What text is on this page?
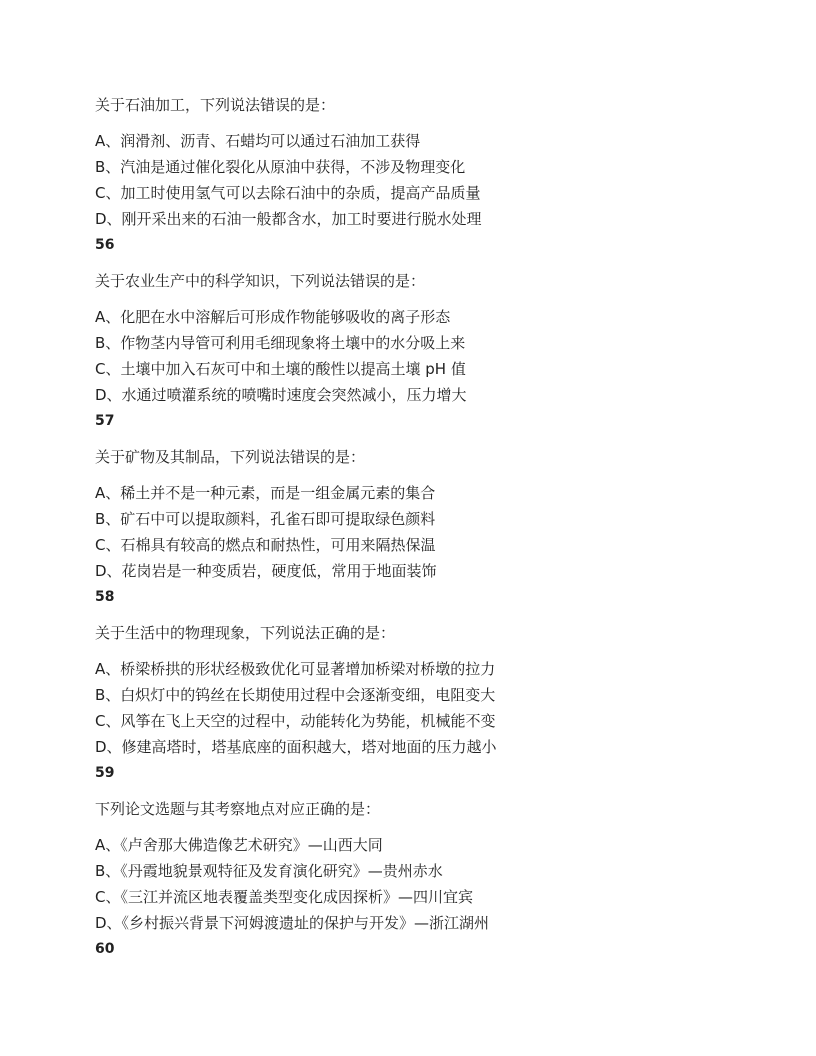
关于石油加工，下列说法错误的是：
A、润滑剂、沥青、石蜡均可以通过石油加工获得
B、汽油是通过催化裂化从原油中获得，不涉及物理变化
C、加工时使用氢气可以去除石油中的杂质，提高产品质量
D、刚开采出来的石油一般都含水，加工时要进行脱水处理
56
关于农业生产中的科学知识，下列说法错误的是：
A、化肥在水中溶解后可形成作物能够吸收的离子形态
B、作物茎内导管可利用毛细现象将土壤中的水分吸上来
C、土壤中加入石灰可中和土壤的酸性以提高土壤 pH 值
D、水通过喷灌系统的喷嘴时速度会突然减小，压力增大
57
关于矿物及其制品，下列说法错误的是：
A、稀土并不是一种元素，而是一组金属元素的集合
B、矿石中可以提取颜料，孔雀石即可提取绿色颜料
C、石棉具有较高的燃点和耐热性，可用来隔热保温
D、花岗岩是一种变质岩，硬度低，常用于地面装饰
58
关于生活中的物理现象，下列说法正确的是：
A、桥梁桥拱的形状经极致优化可显著增加桥梁对桥墩的拉力
B、白炽灯中的钨丝在长期使用过程中会逐渐变细，电阻变大
C、风筝在飞上天空的过程中，动能转化为势能，机械能不变
D、修建高塔时，塔基底座的面积越大，塔对地面的压力越小
59
下列论文选题与其考察地点对应正确的是：
A、《卢舍那大佛造像艺术研究》—山西大同
B、《丹霞地貌景观特征及发育演化研究》—贵州赤水
C、《三江并流区地表覆盖类型变化成因探析》—四川宜宾
D、《乡村振兴背景下河姆渡遗址的保护与开发》—浙江湖州
60
